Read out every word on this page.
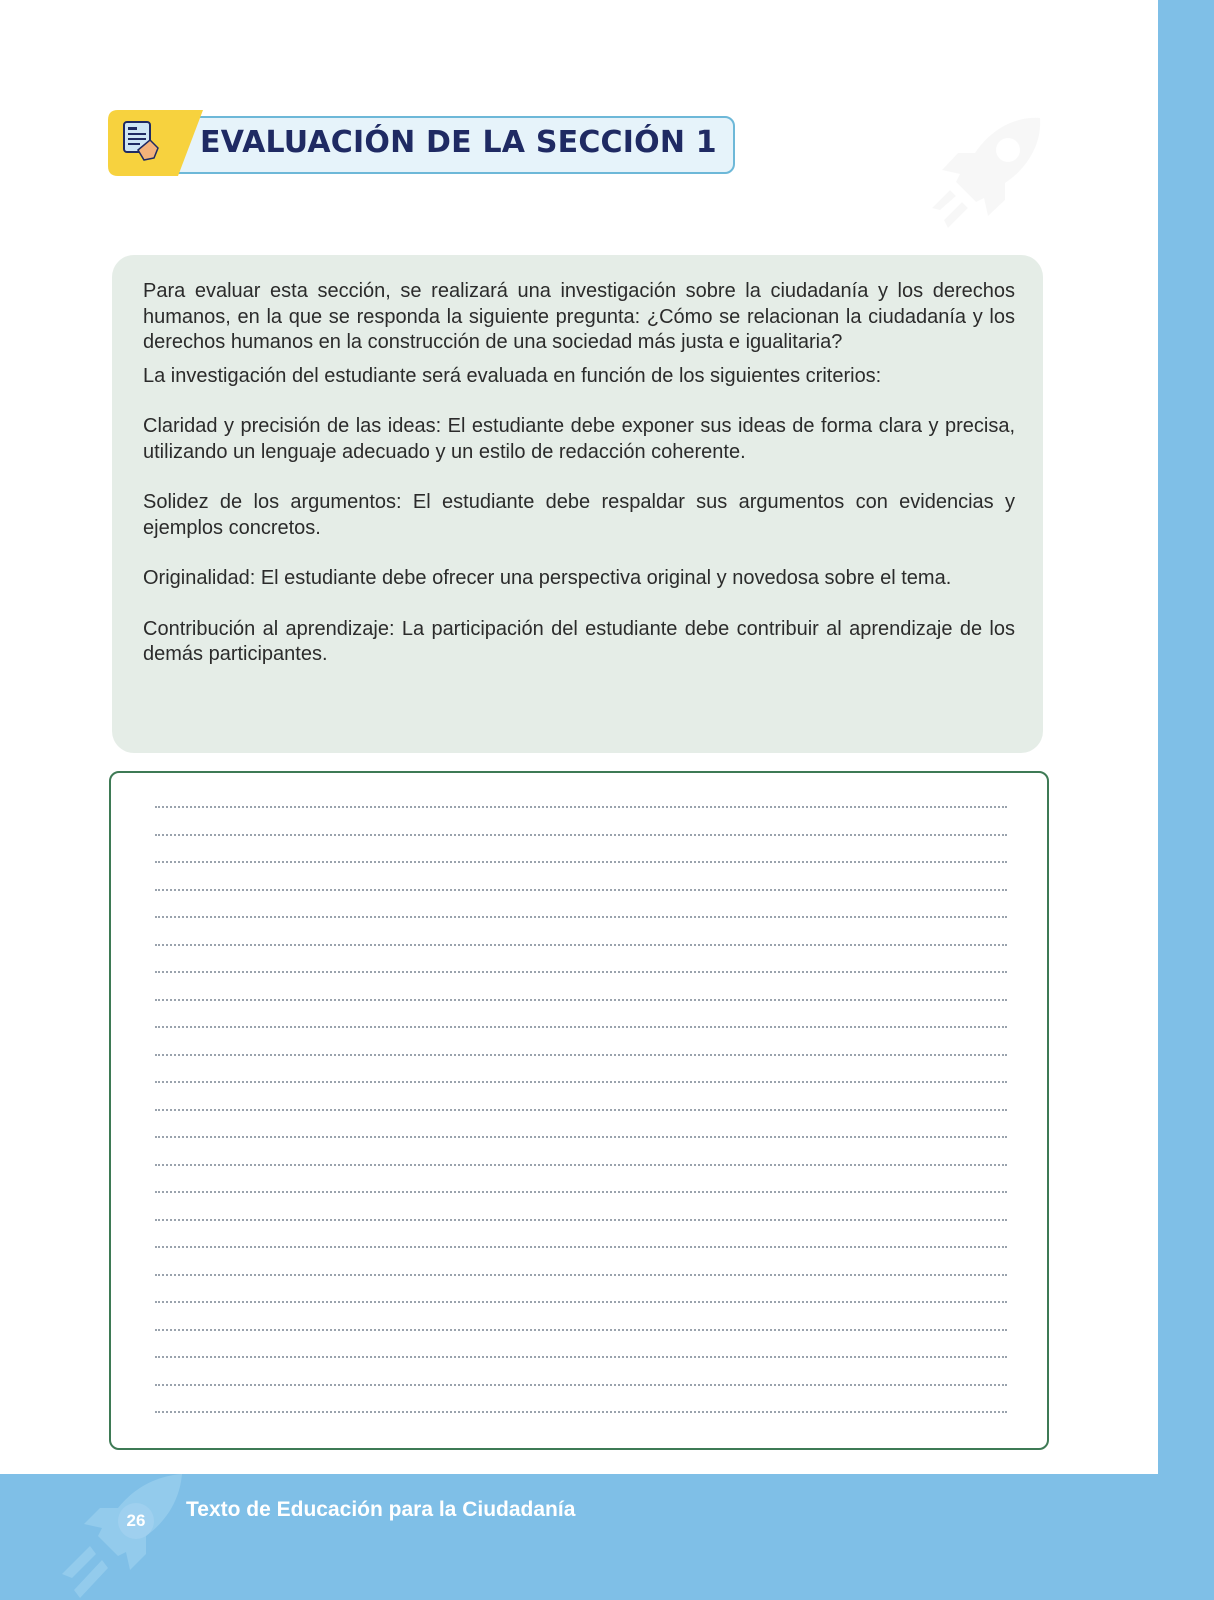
EVALUACIÓN DE LA SECCIÓN 1

Para evaluar esta sección, se realizará una investigación sobre la ciudadanía y los derechos humanos, en la que se responda la siguiente pregunta: ¿Cómo se relacionan la ciudadanía y los derechos humanos en la construcción de una sociedad más justa e igualitaria?

La investigación del estudiante será evaluada en función de los siguientes criterios:

Claridad y precisión de las ideas: El estudiante debe exponer sus ideas de forma clara y precisa, utilizando un lenguaje adecuado y un estilo de redacción coherente.

Solidez de los argumentos: El estudiante debe respaldar sus argumentos con evidencias y ejemplos concretos.

Originalidad: El estudiante debe ofrecer una perspectiva original y novedosa sobre el tema.

Contribución al aprendizaje: La participación del estudiante debe contribuir al aprendizaje de los demás participantes.

26	Texto de Educación para la Ciudadanía
